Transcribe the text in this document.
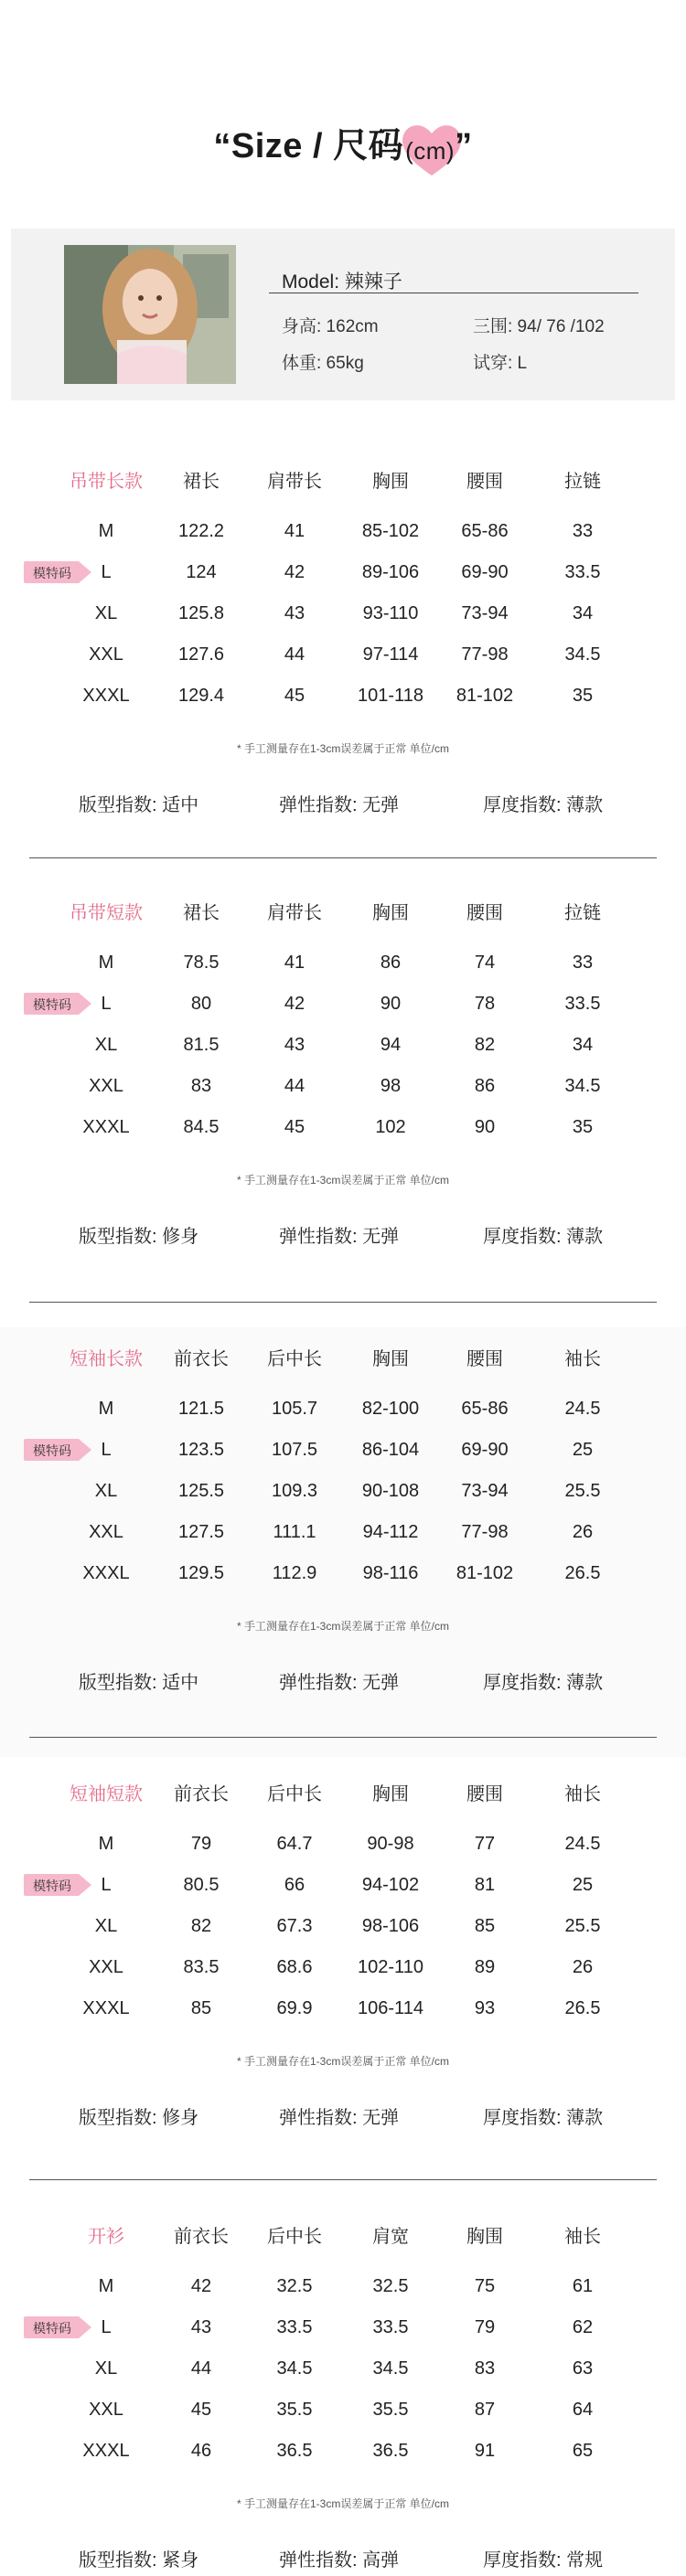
“Size / 尺码
(cm)”
Model: 辣辣子
身高: 162cm	三围: 94/ 76 /102
体重: 65kg	试穿: L
吊带长款	裙长	肩带长	胸围	腰围	拉链
M	122.2	41	85-102	65-86	33
模特码	L	124	42	89-106	69-90	33.5
XL	125.8	43	93-110	73-94	34
XXL	127.6	44	97-114	77-98	34.5
XXXL	129.4	45	101-118	81-102	35
* 手工测量存在1-3cm误差属于正常 单位/cm
版型指数: 适中	弹性指数: 无弹	厚度指数: 薄款
吊带短款	裙长	肩带长	胸围	腰围	拉链
M	78.5	41	86	74	33
模特码	L	80	42	90	78	33.5
XL	81.5	43	94	82	34
XXL	83	44	98	86	34.5
XXXL	84.5	45	102	90	35
* 手工测量存在1-3cm误差属于正常 单位/cm
版型指数: 修身	弹性指数: 无弹	厚度指数: 薄款
短袖长款	前衣长	后中长	胸围	腰围	袖长
M	121.5	105.7	82-100	65-86	24.5
模特码	L	123.5	107.5	86-104	69-90	25
XL	125.5	109.3	90-108	73-94	25.5
XXL	127.5	111.1	94-112	77-98	26
XXXL	129.5	112.9	98-116	81-102	26.5
* 手工测量存在1-3cm误差属于正常 单位/cm
版型指数: 适中	弹性指数: 无弹	厚度指数: 薄款
短袖短款	前衣长	后中长	胸围	腰围	袖长
M	79	64.7	90-98	77	24.5
模特码	L	80.5	66	94-102	81	25
XL	82	67.3	98-106	85	25.5
XXL	83.5	68.6	102-110	89	26
XXXL	85	69.9	106-114	93	26.5
* 手工测量存在1-3cm误差属于正常 单位/cm
版型指数: 修身	弹性指数: 无弹	厚度指数: 薄款
开衫	前衣长	后中长	肩宽	胸围	袖长
M	42	32.5	32.5	75	61
模特码	L	43	33.5	33.5	79	62
XL	44	34.5	34.5	83	63
XXL	45	35.5	35.5	87	64
XXXL	46	36.5	36.5	91	65
* 手工测量存在1-3cm误差属于正常 单位/cm
版型指数: 紧身	弹性指数: 高弹	厚度指数: 常规
